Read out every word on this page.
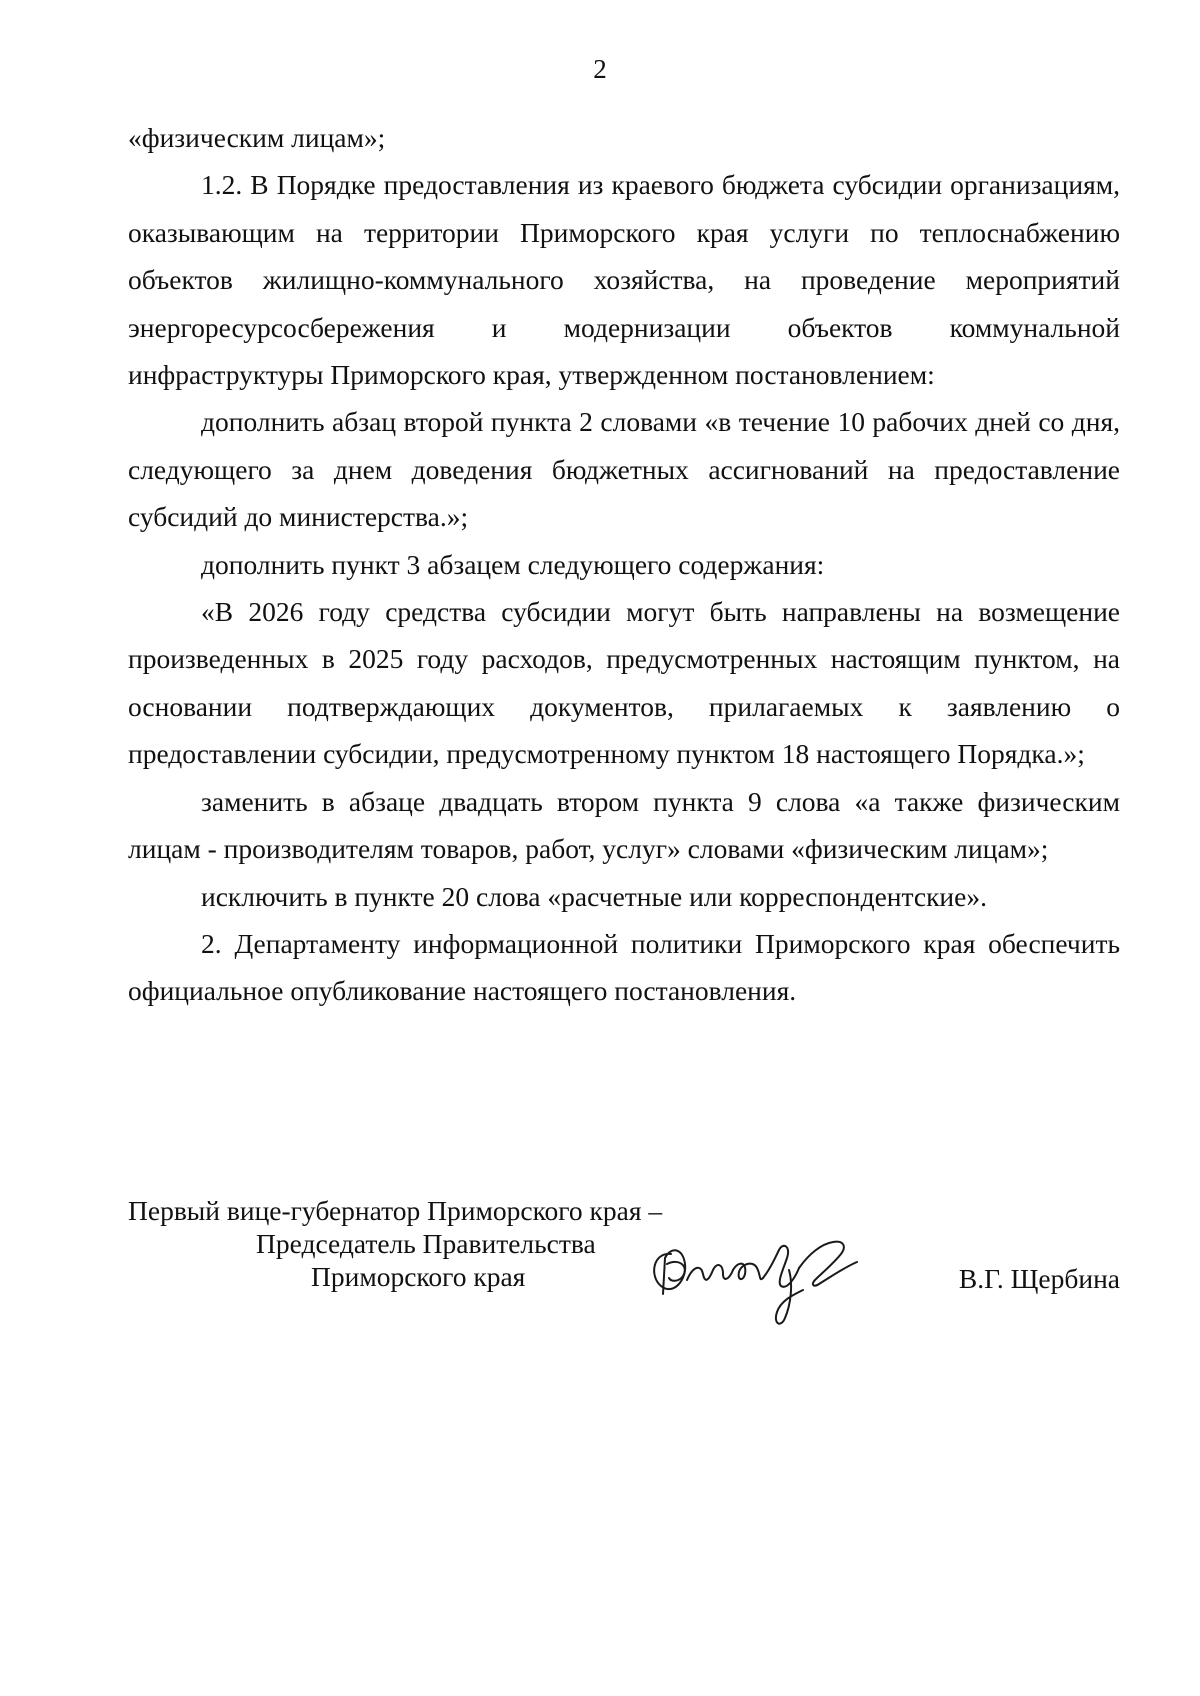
2

«физическим лицам»;

1.2. В Порядке предоставления из краевого бюджета субсидии организациям, оказывающим на территории Приморского края услуги по теплоснабжению объектов жилищно-коммунального хозяйства, на проведение мероприятий энергоресурсосбережения и модернизации объектов коммунальной инфраструктуры Приморского края, утвержденном постановлением:

дополнить абзац второй пункта 2 словами «в течение 10 рабочих дней со дня, следующего за днем доведения бюджетных ассигнований на предоставление субсидий до министерства.»;

дополнить пункт 3 абзацем следующего содержания:

«В 2026 году средства субсидии могут быть направлены на возмещение произведенных в 2025 году расходов, предусмотренных настоящим пунктом, на основании подтверждающих документов, прилагаемых к заявлению о предоставлении субсидии, предусмотренному пунктом 18 настоящего Порядка.»;

заменить в абзаце двадцать втором пункта 9 слова «а также физическим лицам - производителям товаров, работ, услуг» словами «физическим лицам»;

исключить в пункте 20 слова «расчетные или корреспондентские».

2. Департаменту информационной политики Приморского края обеспечить официальное опубликование настоящего постановления.

Первый вице-губернатор Приморского края –
Председатель Правительства
Приморского края	В.Г. Щербина
